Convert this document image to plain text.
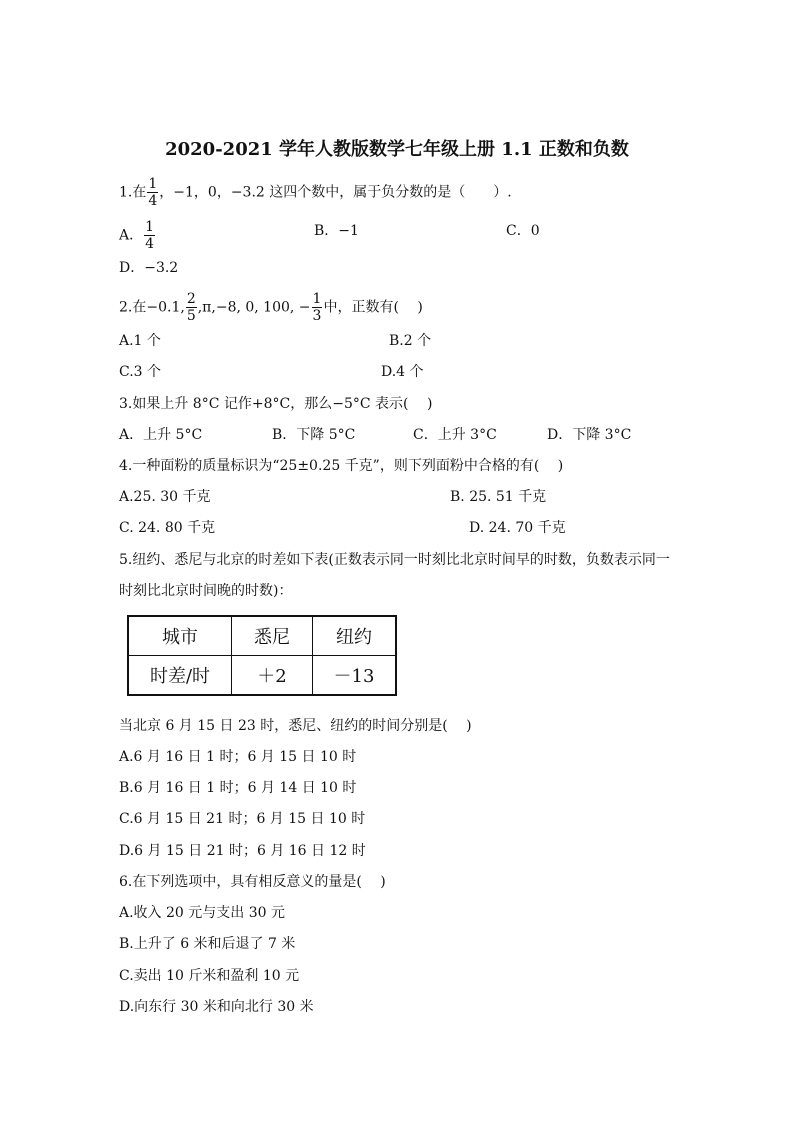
2020-2021 学年人教版数学七年级上册 1.1 正数和负数
1.在 $\frac{1}{4}$ ，−1，0，−3.2 这四个数中，属于负分数的是（　　）.
A． $\frac{1}{4}$	B．−1	C．0
D．−3.2
2.在−0.1, $\frac{2}{5} ,\pi,-8$, 0, 100, − $\frac{1}{3}$ 中，正数有(　 )
A.1 个	B.2 个
C.3 个	D.4 个
3.如果上升 8°C 记作+8°C，那么−5°C 表示(　 )
A．上升 5°C	B．下降 5°C	C．上升 3°C	D．下降 3°C
4.一种面粉的质量标识为“25±0.25 千克”，则下列面粉中合格的有(　 )
A.25. 30 千克	B. 25. 51 千克
C. 24. 80 千克	D. 24. 70 千克
5.纽约、悉尼与北京的时差如下表(正数表示同一时刻比北京时间早的时数，负数表示同一
时刻比北京时间晚的时数)：
城市	悉尼	纽约
时差/时	＋2	－13
当北京 6 月 15 日 23 时，悉尼、纽约的时间分别是(　 )
A.6 月 16 日 1 时；6 月 15 日 10 时
B.6 月 16 日 1 时；6 月 14 日 10 时
C.6 月 15 日 21 时；6 月 15 日 10 时
D.6 月 15 日 21 时；6 月 16 日 12 时
6.在下列选项中，具有相反意义的量是(　 )
A.收入 20 元与支出 30 元
B.上升了 6 米和后退了 7 米
C.卖出 10 斤米和盈利 10 元
D.向东行 30 米和向北行 30 米
